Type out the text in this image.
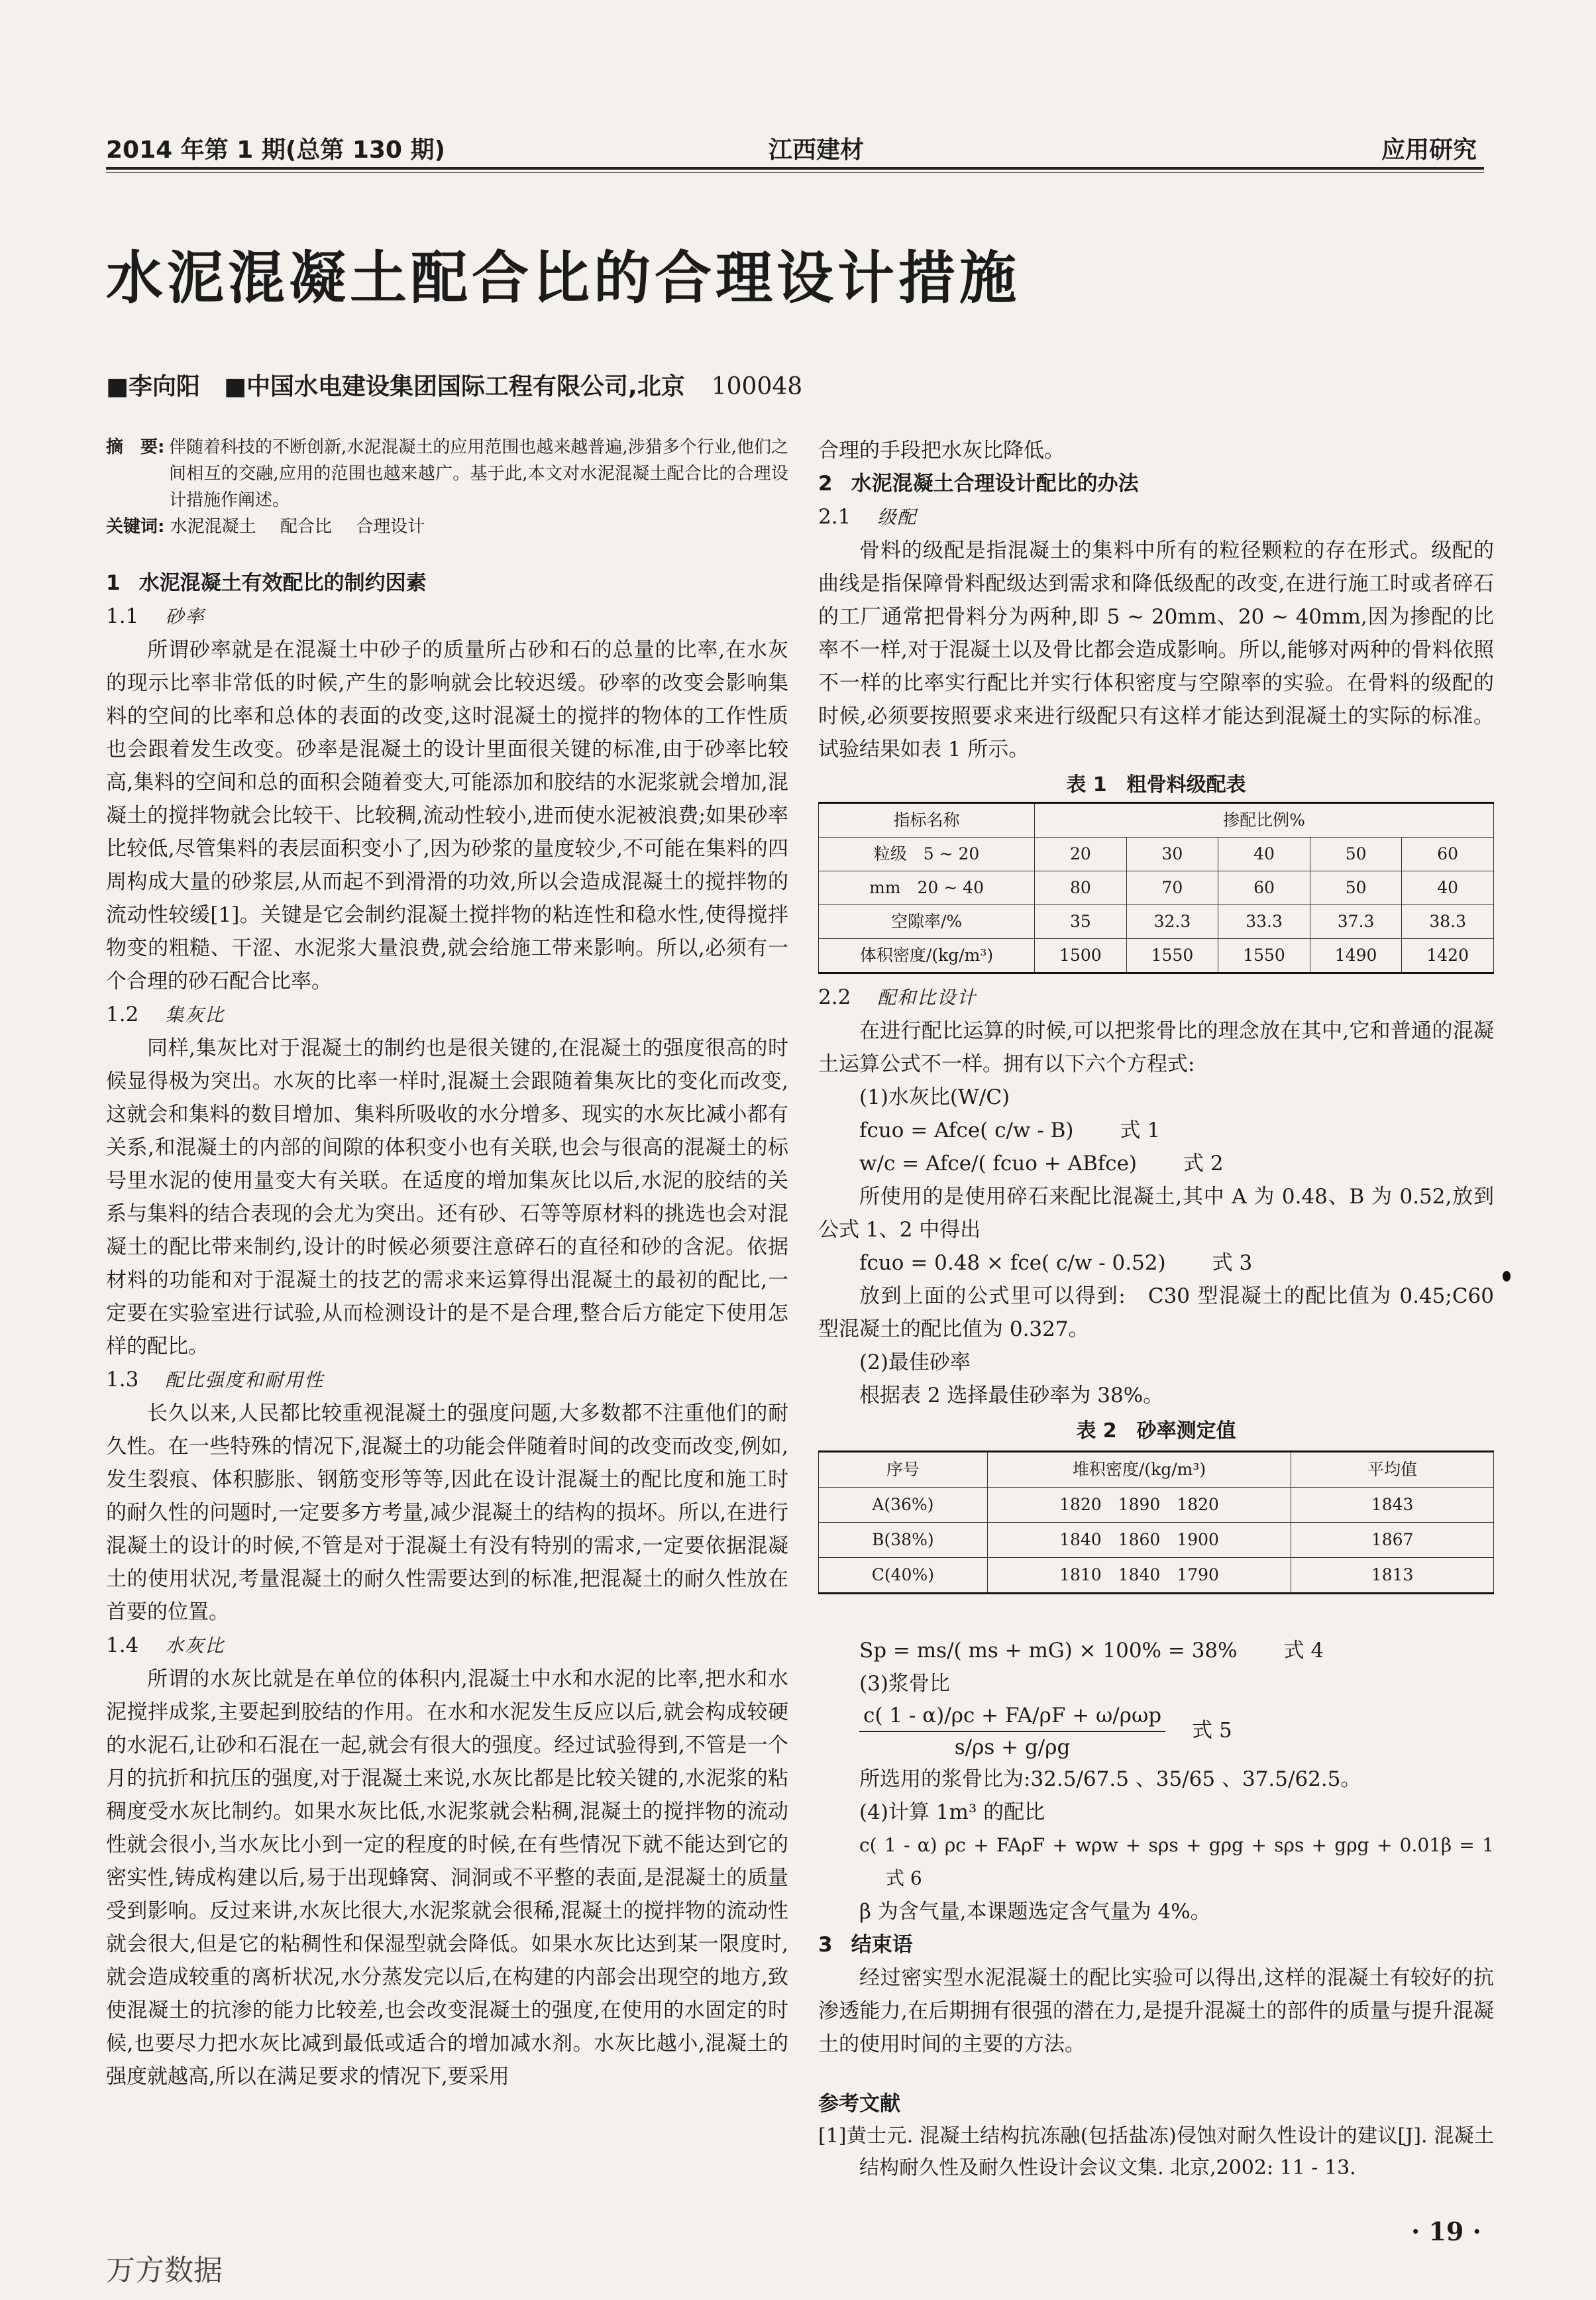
2014 年第 1 期(总第 130 期)	江西建材	应用研究
水泥混凝土配合比的合理设计措施
■李向阳　 ■中国水电建设集团国际工程有限公司,北京 100048
摘　要: 伴随着科技的不断创新,水泥混凝土的应用范围也越来越普遍,涉猎多个行业,他们之间相互的交融,应用的范围也越来越广。基于此,本文对水泥混凝土配合比的合理设计措施作阐述。
关键词: 水泥混凝土 配合比 合理设计
1 水泥混凝土有效配比的制约因素
1.1 砂率

所谓砂率就是在混凝土中砂子的质量所占砂和石的总量的比率,在水灰的现示比率非常低的时候,产生的影响就会比较迟缓。砂率的改变会影响集料的空间的比率和总体的表面的改变,这时混凝土的搅拌的物体的工作性质也会跟着发生改变。砂率是混凝土的设计里面很关键的标准,由于砂率比较高,集料的空间和总的面积会随着变大,可能添加和胶结的水泥浆就会增加,混凝土的搅拌物就会比较干、比较稠,流动性较小,进而使水泥被浪费;如果砂率比较低,尽管集料的表层面积变小了,因为砂浆的量度较少,不可能在集料的四周构成大量的砂浆层,从而起不到滑滑的功效,所以会造成混凝土的搅拌物的流动性较缓[1]。关键是它会制约混凝土搅拌物的粘连性和稳水性,使得搅拌物变的粗糙、干涩、水泥浆大量浪费,就会给施工带来影响。所以,必须有一个合理的砂石配合比率。

1.2 集灰比

同样,集灰比对于混凝土的制约也是很关键的,在混凝土的强度很高的时候显得极为突出。水灰的比率一样时,混凝土会跟随着集灰比的变化而改变,这就会和集料的数目增加、集料所吸收的水分增多、现实的水灰比减小都有关系,和混凝土的内部的间隙的体积变小也有关联,也会与很高的混凝土的标号里水泥的使用量变大有关联。在适度的增加集灰比以后,水泥的胶结的关系与集料的结合表现的会尤为突出。还有砂、石等等原材料的挑选也会对混凝土的配比带来制约,设计的时候必须要注意碎石的直径和砂的含泥。依据材料的功能和对于混凝土的技艺的需求来运算得出混凝土的最初的配比,一定要在实验室进行试验,从而检测设计的是不是合理,整合后方能定下使用怎样的配比。

1.3 配比强度和耐用性

长久以来,人民都比较重视混凝土的强度问题,大多数都不注重他们的耐久性。在一些特殊的情况下,混凝土的功能会伴随着时间的改变而改变,例如,发生裂痕、体积膨胀、钢筋变形等等,因此在设计混凝土的配比度和施工时的耐久性的问题时,一定要多方考量,减少混凝土的结构的损坏。所以,在进行混凝土的设计的时候,不管是对于混凝土有没有特别的需求,一定要依据混凝土的使用状况,考量混凝土的耐久性需要达到的标准,把混凝土的耐久性放在首要的位置。

1.4 水灰比

所谓的水灰比就是在单位的体积内,混凝土中水和水泥的比率,把水和水泥搅拌成浆,主要起到胶结的作用。在水和水泥发生反应以后,就会构成较硬的水泥石,让砂和石混在一起,就会有很大的强度。经过试验得到,不管是一个月的抗折和抗压的强度,对于混凝土来说,水灰比都是比较关键的,水泥浆的粘稠度受水灰比制约。如果水灰比低,水泥浆就会粘稠,混凝土的搅拌物的流动性就会很小,当水灰比小到一定的程度的时候,在有些情况下就不能达到它的密实性,铸成构建以后,易于出现蜂窝、洞洞或不平整的表面,是混凝土的质量受到影响。反过来讲,水灰比很大,水泥浆就会很稀,混凝土的搅拌物的流动性就会很大,但是它的粘稠性和保湿型就会降低。如果水灰比达到某一限度时,就会造成较重的离析状况,水分蒸发完以后,在构建的内部会出现空的地方,致使混凝土的抗渗的能力比较差,也会改变混凝土的强度,在使用的水固定的时候,也要尽力把水灰比减到最低或适合的增加减水剂。水灰比越小,混凝土的强度就越高,所以在满足要求的情况下,要采用

合理的手段把水灰比降低。

2 水泥混凝土合理设计配比的办法
2.1 级配

骨料的级配是指混凝土的集料中所有的粒径颗粒的存在形式。级配的曲线是指保障骨料配级达到需求和降低级配的改变,在进行施工时或者碎石的工厂通常把骨料分为两种,即 5 ~ 20mm、20 ~ 40mm,因为掺配的比率不一样,对于混凝土以及骨比都会造成影响。所以,能够对两种的骨料依照不一样的比率实行配比并实行体积密度与空隙率的实验。在骨料的级配的时候,必须要按照要求来进行级配只有这样才能达到混凝土的实际的标准。试验结果如表 1 所示。

表 1　粗骨料级配表
指标名称	掺配比例%				
粒级　5 ~ 20	20	30	40	50	60
mm　20 ~ 40	80	70	60	50	40
空隙率/%	35	32.3	33.3	37.3	38.3
体积密度/(kg/m³)	1500	1550	1550	1490	1420
2.2 配和比设计

在进行配比运算的时候,可以把浆骨比的理念放在其中,它和普通的混凝土运算公式不一样。拥有以下六个方程式:

(1)水灰比(W/C)

fcuo = Afce( c/w - B) 式 1

w/c = Afce/( fcuo + ABfce) 式 2

所使用的是使用碎石来配比混凝土,其中 A 为 0.48、B 为 0.52,放到公式 1、2 中得出

fcuo = 0.48 × fce( c/w - 0.52) 式 3

放到上面的公式里可以得到:　C30 型混凝土的配比值为 0.45;C60 型混凝土的配比值为 0.327。

(2)最佳砂率

根据表 2 选择最佳砂率为 38%。

表 2　砂率测定值
序号	堆积密度/(kg/m³)	平均值
A(36%)	1820　1890　1820	1843
B(38%)	1840　1860　1900	1867
C(40%)	1810　1840　1790	1813

Sp = ms/( ms + mG) × 100% = 38% 式 4

(3)浆骨比

$\frac{\text{c( 1 - α)/ρc + FA/ρF + ω/ρωp}}{s/\rho s + g/\rho g}$ 式 5

所选用的浆骨比为:32.5/67.5 、35/65 、37.5/62.5。

(4)计算 1m³ 的配比

c( 1 - α) ρc + FAρF + wρw + sρs + gρg + sρs + gρg + 0.01β = 1式 6

β 为含气量,本课题选定含气量为 4%。

3 结束语

经过密实型水泥混凝土的配比实验可以得出,这样的混凝土有较好的抗渗透能力,在后期拥有很强的潜在力,是提升混凝土的部件的质量与提升混凝土的使用时间的主要的方法。

参考文献
[1]黄士元. 混凝土结构抗冻融(包括盐冻)侵蚀对耐久性设计的建议[J]. 混凝土结构耐久性及耐久性设计会议文集. 北京,2002: 11 - 13.
· 19 ·
万方数据
